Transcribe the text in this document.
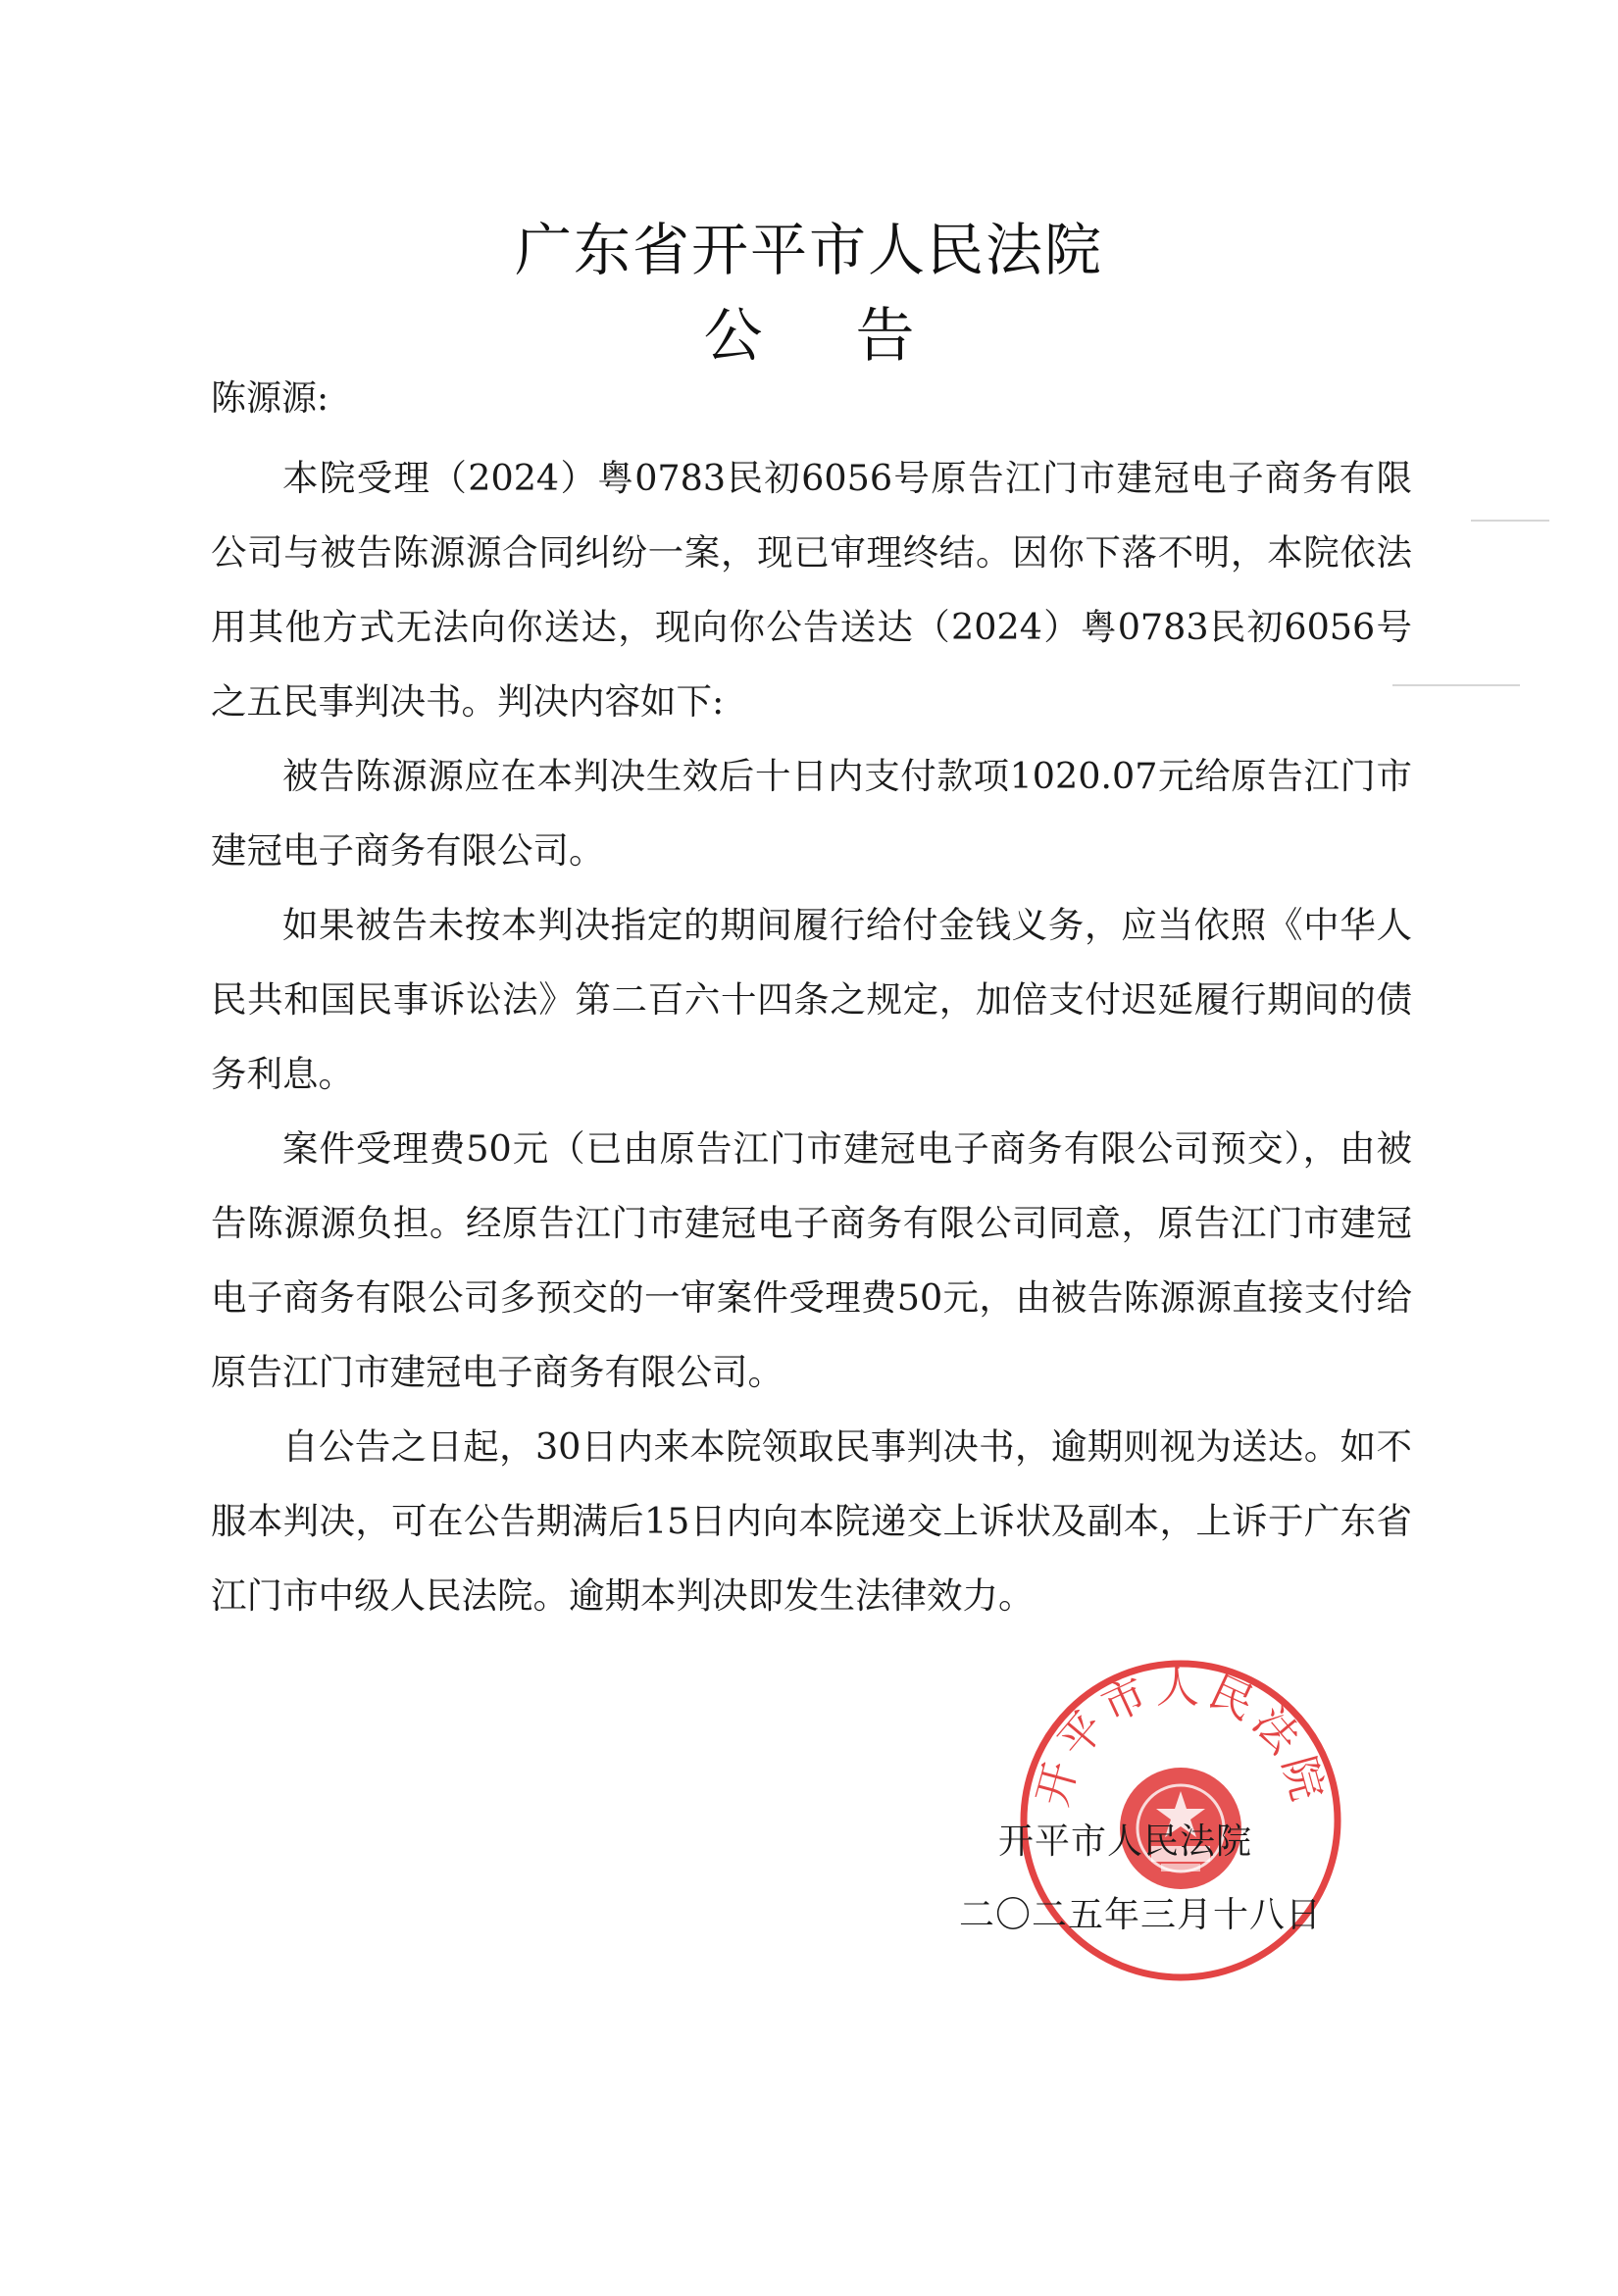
广东省开平市人民法院
公 告
陈源源:

本院受理（2024）粤0783民初6056号原告江门市建冠电子商务有限公司与被告陈源源合同纠纷一案，现已审理终结。因你下落不明，本院依法用其他方式无法向你送达，现向你公告送达（2024）粤0783民初6056号之五民事判决书。判决内容如下:

被告陈源源应在本判决生效后十日内支付款项1020.07元给原告江门市建冠电子商务有限公司。

如果被告未按本判决指定的期间履行给付金钱义务，应当依照《中华人民共和国民事诉讼法》第二百六十四条之规定，加倍支付迟延履行期间的债务利息。

案件受理费50元（已由原告江门市建冠电子商务有限公司预交），由被告陈源源负担。经原告江门市建冠电子商务有限公司同意，原告江门市建冠电子商务有限公司多预交的一审案件受理费50元，由被告陈源源直接支付给原告江门市建冠电子商务有限公司。

自公告之日起，30日内来本院领取民事判决书，逾期则视为送达。如不服本判决，可在公告期满后15日内向本院递交上诉状及副本，上诉于广东省江门市中级人民法院。逾期本判决即发生法律效力。

开平市人民法院
开平市人民法院
二〇二五年三月十八日
